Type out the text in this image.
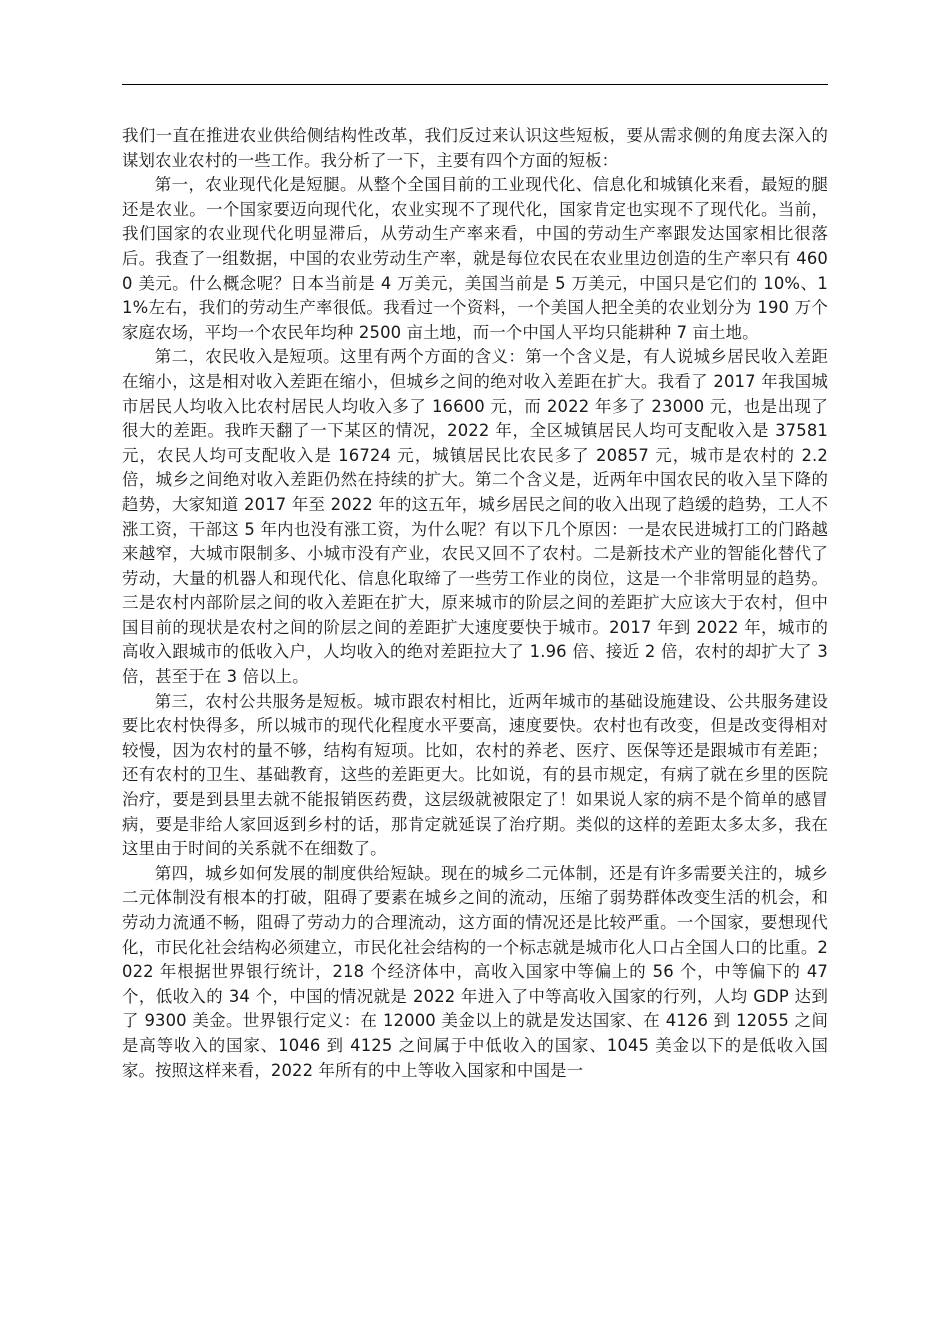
我们一直在推进农业供给侧结构性改革，我们反过来认识这些短板，要从需求侧的角度去深入的谋划农业农村的一些工作。我分析了一下，主要有四个方面的短板：

第一，农业现代化是短腿。从整个全国目前的工业现代化、信息化和城镇化来看，最短的腿还是农业。一个国家要迈向现代化，农业实现不了现代化，国家肯定也实现不了现代化。当前，我们国家的农业现代化明显滞后，从劳动生产率来看，中国的劳动生产率跟发达国家相比很落后。我查了一组数据，中国的农业劳动生产率，就是每位农民在农业里边创造的生产率只有 4600 美元。什么概念呢？日本当前是 4 万美元，美国当前是 5 万美元，中国只是它们的 10%、11%左右，我们的劳动生产率很低。我看过一个资料，一个美国人把全美的农业划分为 190 万个家庭农场，平均一个农民年均种 2500 亩土地，而一个中国人平均只能耕种 7 亩土地。

第二，农民收入是短项。这里有两个方面的含义：第一个含义是，有人说城乡居民收入差距在缩小，这是相对收入差距在缩小，但城乡之间的绝对收入差距在扩大。我看了 2017 年我国城市居民人均收入比农村居民人均收入多了 16600 元，而 2022 年多了 23000 元，也是出现了很大的差距。我昨天翻了一下某区的情况，2022 年，全区城镇居民人均可支配收入是 37581 元，农民人均可支配收入是 16724 元，城镇居民比农民多了 20857 元，城市是农村的 2.2 倍，城乡之间绝对收入差距仍然在持续的扩大。第二个含义是，近两年中国农民的收入呈下降的趋势，大家知道 2017 年至 2022 年的这五年，城乡居民之间的收入出现了趋缓的趋势，工人不涨工资，干部这 5 年内也没有涨工资，为什么呢？有以下几个原因：一是农民进城打工的门路越来越窄，大城市限制多、小城市没有产业，农民又回不了农村。二是新技术产业的智能化替代了劳动，大量的机器人和现代化、信息化取缔了一些劳工作业的岗位，这是一个非常明显的趋势。三是农村内部阶层之间的收入差距在扩大，原来城市的阶层之间的差距扩大应该大于农村，但中国目前的现状是农村之间的阶层之间的差距扩大速度要快于城市。2017 年到 2022 年，城市的高收入跟城市的低收入户，人均收入的绝对差距拉大了 1.96 倍、接近 2 倍，农村的却扩大了 3 倍，甚至于在 3 倍以上。

第三，农村公共服务是短板。城市跟农村相比，近两年城市的基础设施建设、公共服务建设要比农村快得多，所以城市的现代化程度水平要高，速度要快。农村也有改变，但是改变得相对较慢，因为农村的量不够，结构有短项。比如，农村的养老、医疗、医保等还是跟城市有差距；还有农村的卫生、基础教育，这些的差距更大。比如说，有的县市规定，有病了就在乡里的医院治疗，要是到县里去就不能报销医药费，这层级就被限定了！如果说人家的病不是个简单的感冒病，要是非给人家回返到乡村的话，那肯定就延误了治疗期。类似的这样的差距太多太多，我在这里由于时间的关系就不在细数了。

第四，城乡如何发展的制度供给短缺。现在的城乡二元体制，还是有许多需要关注的，城乡二元体制没有根本的打破，阻碍了要素在城乡之间的流动，压缩了弱势群体改变生活的机会，和劳动力流通不畅，阻碍了劳动力的合理流动，这方面的情况还是比较严重。一个国家，要想现代化，市民化社会结构必须建立，市民化社会结构的一个标志就是城市化人口占全国人口的比重。2022 年根据世界银行统计，218 个经济体中，高收入国家中等偏上的 56 个，中等偏下的 47 个，低收入的 34 个，中国的情况就是 2022 年进入了中等高收入国家的行列，人均 GDP 达到了 9300 美金。世界银行定义：在 12000 美金以上的就是发达国家、在 4126 到 12055 之间是高等收入的国家、1046 到 4125 之间属于中低收入的国家、1045 美金以下的是低收入国家。按照这样来看，2022 年所有的中上等收入国家和中国是一
